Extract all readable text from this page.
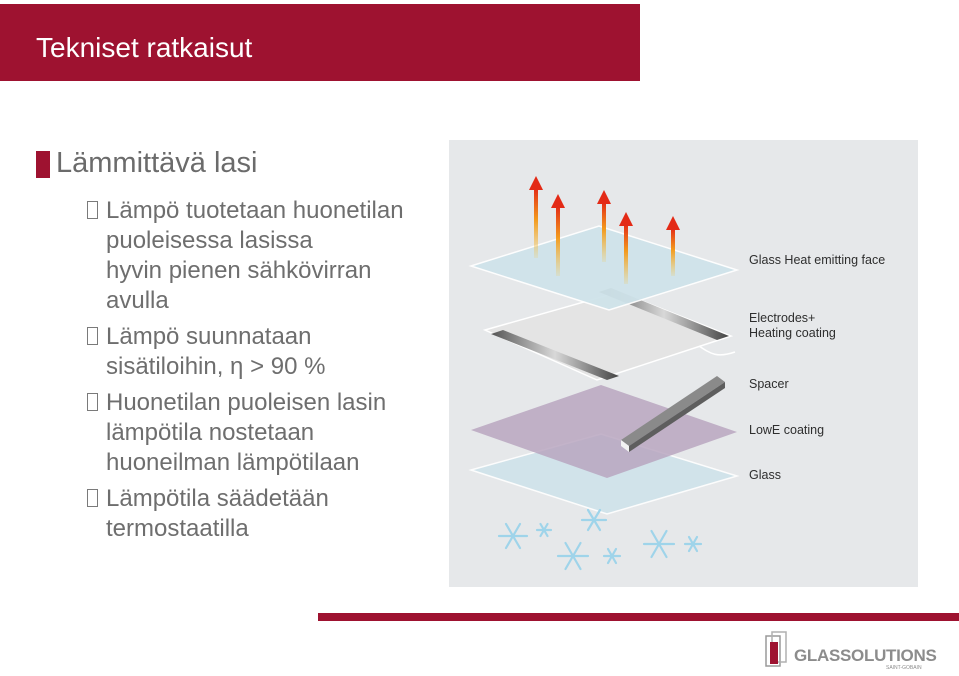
Tekniset ratkaisut
Lämmittävä lasi
Lämpö tuotetaan huonetilan
puoleisessa lasissa
hyvin pienen sähkövirran
avulla
Lämpö suunnataan
sisätiloihin, η > 90 %
Huonetilan puoleisen lasin
lämpötila nostetaan
huoneilman lämpötilaan
Lämpötila säädetään
termostaatilla
Glass Heat emitting face
Electrodes+
Heating coating
Spacer
LowE coating
Glass
GLASSOLUTIONS
SAINT-GOBAIN
